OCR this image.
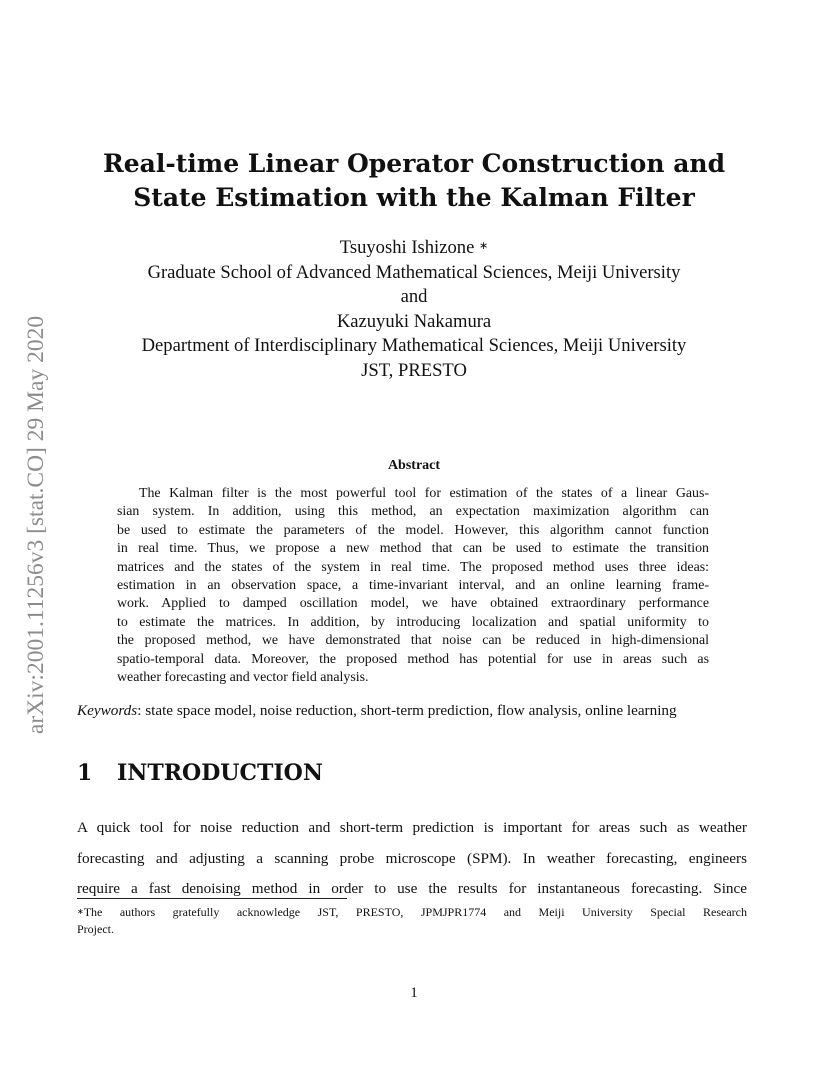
arXiv:2001.11256v3 [stat.CO] 29 May 2020
Real-time Linear Operator Construction and
State Estimation with the Kalman Filter
Tsuyoshi Ishizone ∗
Graduate School of Advanced Mathematical Sciences, Meiji University
and
Kazuyuki Nakamura
Department of Interdisciplinary Mathematical Sciences, Meiji University
JST, PRESTO
Abstract
The Kalman filter is the most powerful tool for estimation of the states of a linear Gaus-
sian system. In addition, using this method, an expectation maximization algorithm can
be used to estimate the parameters of the model. However, this algorithm cannot function
in real time. Thus, we propose a new method that can be used to estimate the transition
matrices and the states of the system in real time. The proposed method uses three ideas:
estimation in an observation space, a time-invariant interval, and an online learning frame-
work. Applied to damped oscillation model, we have obtained extraordinary performance
to estimate the matrices. In addition, by introducing localization and spatial uniformity to
the proposed method, we have demonstrated that noise can be reduced in high-dimensional
spatio-temporal data. Moreover, the proposed method has potential for use in areas such as
weather forecasting and vector field analysis.
Keywords: state space model, noise reduction, short-term prediction, flow analysis, online learning
1 INTRODUCTION
A quick tool for noise reduction and short-term prediction is important for areas such as weather
forecasting and adjusting a scanning probe microscope (SPM). In weather forecasting, engineers
require a fast denoising method in order to use the results for instantaneous forecasting. Since
∗The authors gratefully acknowledge JST, PRESTO, JPMJPR1774 and Meiji University Special Research
Project.
1
